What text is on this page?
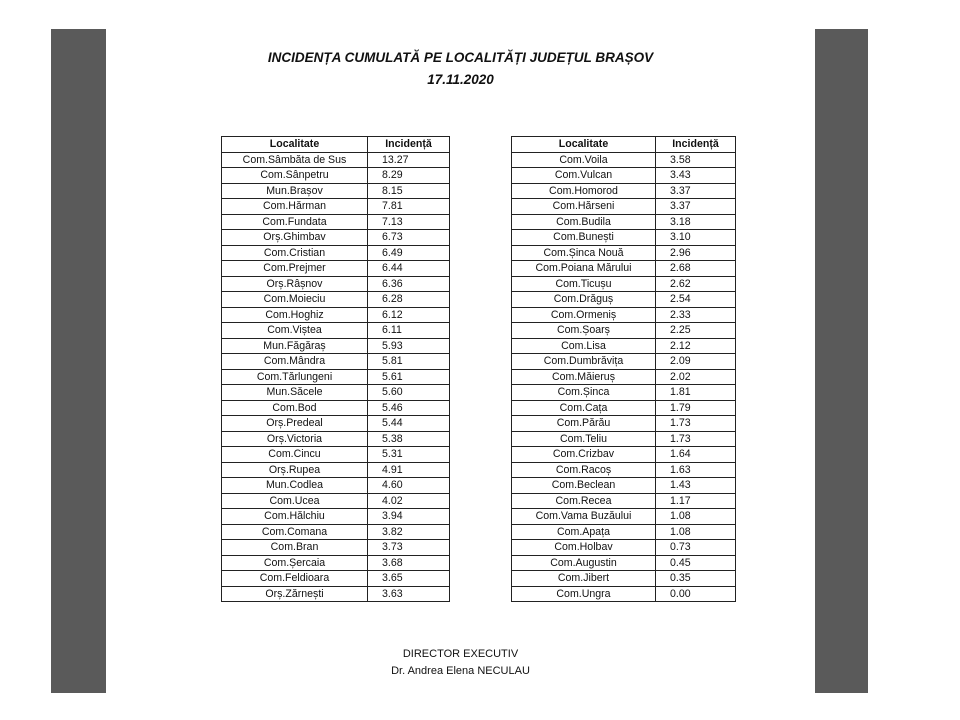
INCIDENȚA CUMULATĂ PE LOCALITĂȚI JUDEȚUL BRAȘOV
17.11.2020
Localitate	Incidență
Com.Sâmbăta de Sus	13.27
Com.Sânpetru	8.29
Mun.Brașov	8.15
Com.Hărman	7.81
Com.Fundata	7.13
Orș.Ghimbav	6.73
Com.Cristian	6.49
Com.Prejmer	6.44
Orș.Râșnov	6.36
Com.Moieciu	6.28
Com.Hoghiz	6.12
Com.Viștea	6.11
Mun.Făgăraș	5.93
Com.Mândra	5.81
Com.Tărlungeni	5.61
Mun.Săcele	5.60
Com.Bod	5.46
Orș.Predeal	5.44
Orș.Victoria	5.38
Com.Cincu	5.31
Orș.Rupea	4.91
Mun.Codlea	4.60
Com.Ucea	4.02
Com.Hălchiu	3.94
Com.Comana	3.82
Com.Bran	3.73
Com.Șercaia	3.68
Com.Feldioara	3.65
Orș.Zărnești	3.63
Localitate	Incidență
Com.Voila	3.58
Com.Vulcan	3.43
Com.Homorod	3.37
Com.Hărseni	3.37
Com.Budila	3.18
Com.Bunești	3.10
Com.Șinca Nouă	2.96
Com.Poiana Mărului	2.68
Com.Ticușu	2.62
Com.Drăguș	2.54
Com.Ormeniș	2.33
Com.Șoarș	2.25
Com.Lisa	2.12
Com.Dumbrăvița	2.09
Com.Măieruș	2.02
Com.Șinca	1.81
Com.Cața	1.79
Com.Părău	1.73
Com.Teliu	1.73
Com.Crizbav	1.64
Com.Racoș	1.63
Com.Beclean	1.43
Com.Recea	1.17
Com.Vama Buzăului	1.08
Com.Apața	1.08
Com.Holbav	0.73
Com.Augustin	0.45
Com.Jibert	0.35
Com.Ungra	0.00
DIRECTOR EXECUTIV
Dr. Andrea Elena NECULAU
